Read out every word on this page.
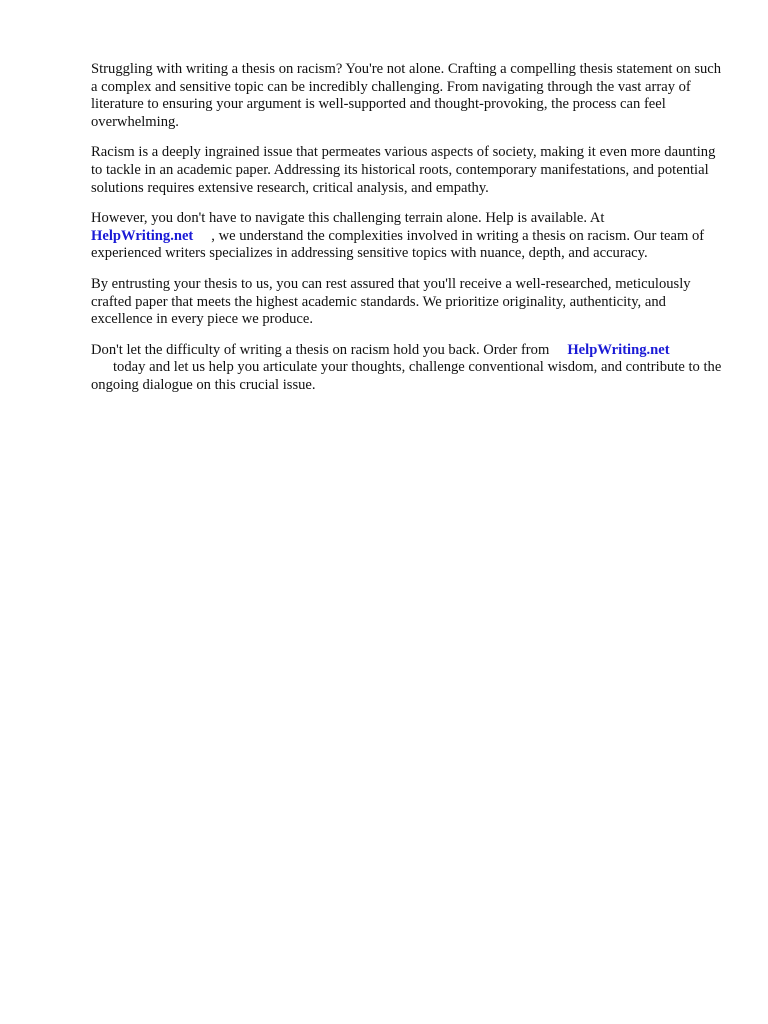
Struggling with writing a thesis on racism? You're not alone. Crafting a compelling thesis statement on such a complex and sensitive topic can be incredibly challenging. From navigating through the vast array of literature to ensuring your argument is well-supported and thought-provoking, the process can feel overwhelming.

Racism is a deeply ingrained issue that permeates various aspects of society, making it even more daunting to tackle in an academic paper. Addressing its historical roots, contemporary manifestations, and potential solutions requires extensive research, critical analysis, and empathy.

However, you don't have to navigate this challenging terrain alone. Help is available. At
HelpWriting.net , we understand the complexities involved in writing a thesis on racism. Our team of experienced writers specializes in addressing sensitive topics with nuance, depth, and accuracy.

By entrusting your thesis to us, you can rest assured that you'll receive a well-researched, meticulously crafted paper that meets the highest academic standards. We prioritize originality, authenticity, and excellence in every piece we produce.

Don't let the difficulty of writing a thesis on racism hold you back. Order from HelpWriting.net
today and let us help you articulate your thoughts, challenge conventional wisdom, and contribute to the ongoing dialogue on this crucial issue.
